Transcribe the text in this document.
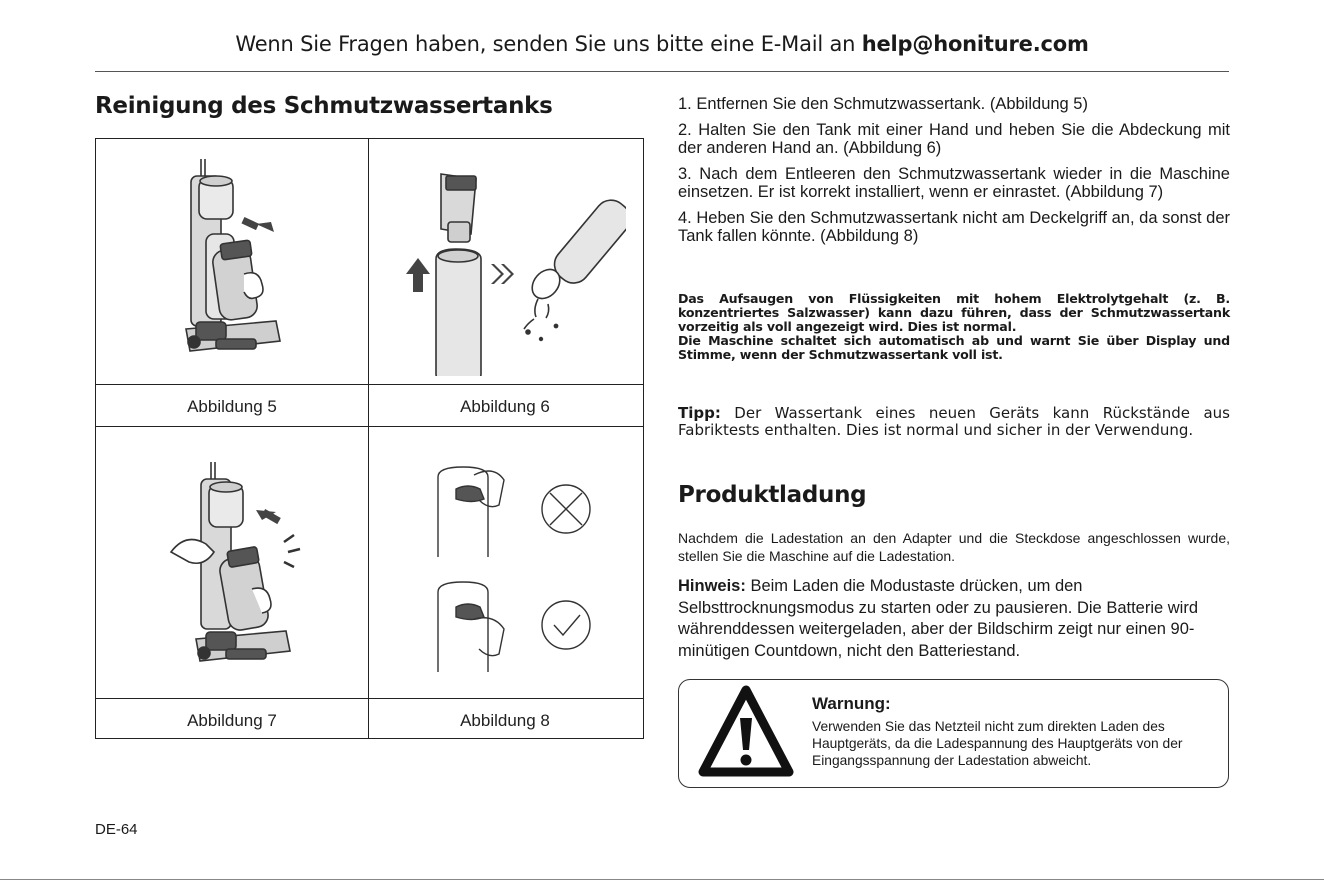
Wenn Sie Fragen haben, senden Sie uns bitte eine E-Mail an help@honiture.com
Reinigung des Schmutzwassertanks
Abbildung 5	Abbildung 6
Abbildung 7	Abbildung 8

1. Entfernen Sie den Schmutzwassertank. (Abbildung 5)

2. Halten Sie den Tank mit einer Hand und heben Sie die Abdeckung mit der anderen Hand an. (Abbildung 6)

3. Nach dem Entleeren den Schmutzwassertank wieder in die Maschine einsetzen. Er ist korrekt installiert, wenn er einrastet. (Abbildung 7)

4. Heben Sie den Schmutzwassertank nicht am Deckelgriff an, da sonst der Tank fallen könnte. (Abbildung 8)

Das Aufsaugen von Flüssigkeiten mit hohem Elektrolytgehalt (z. B. konzentriertes Salzwasser) kann dazu führen, dass der Schmutzwassertank vorzeitig als voll angezeigt wird. Dies ist normal.

Die Maschine schaltet sich automatisch ab und warnt Sie über Display und Stimme, wenn der Schmutzwassertank voll ist.

Tipp: Der Wassertank eines neuen Geräts kann Rückstände aus Fabriktests enthalten. Dies ist normal und sicher in der Verwendung.
Produktladung
Nachdem die Ladestation an den Adapter und die Steckdose angeschlossen wurde, stellen Sie die Maschine auf die Ladestation.
Hinweis: Beim Laden die Modustaste drücken, um den Selbsttrocknungsmodus zu starten oder zu pausieren. Die Batterie wird währenddessen weitergeladen, aber der Bildschirm zeigt nur einen 90-minütigen Countdown, nicht den Batteriestand.
Warnung:
Verwenden Sie das Netzteil nicht zum direkten Laden des Hauptgeräts, da die Ladespannung des Hauptgeräts von der Eingangsspannung der Ladestation abweicht.
DE-64
